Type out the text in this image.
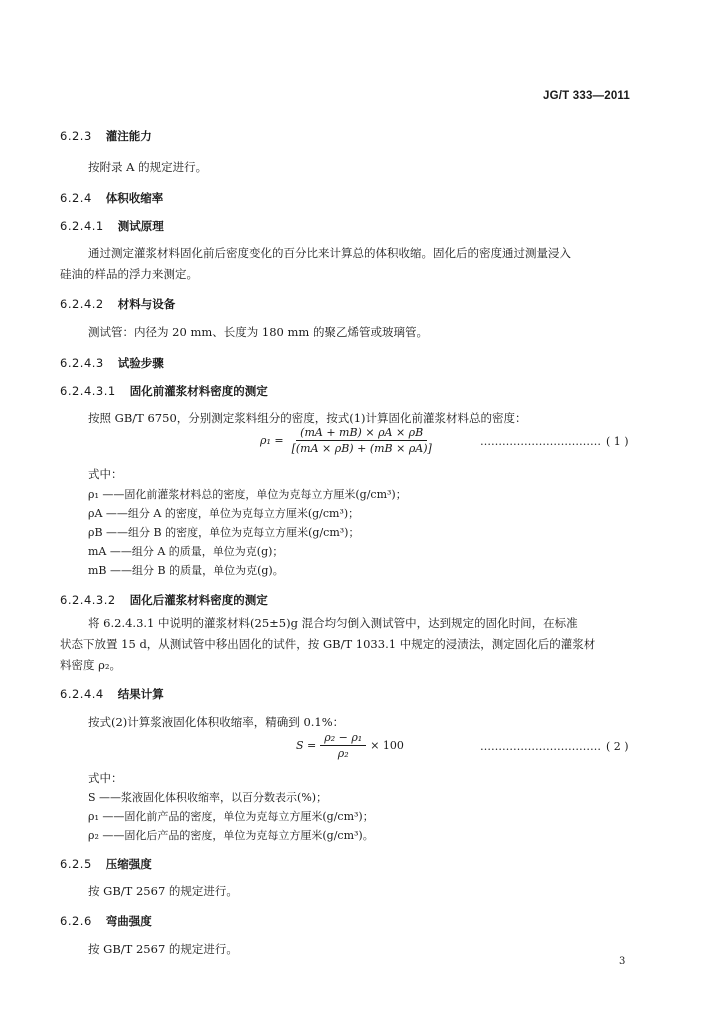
JG/T 333—2011
6.2.3 灌注能力
按附录 A 的规定进行。
6.2.4 体积收缩率
6.2.4.1 测试原理
通过测定灌浆材料固化前后密度变化的百分比来计算总的体积收缩。固化后的密度通过测量浸入
硅油的样品的浮力来测定。
6.2.4.2 材料与设备
测试管：内径为 20 mm、长度为 180 mm 的聚乙烯管或玻璃管。
6.2.4.3 试验步骤
6.2.4.3.1 固化前灌浆材料密度的测定
按照 GB/T 6750，分别测定浆料组分的密度，按式(1)计算固化前灌浆材料总的密度：
$\rho_1 = \frac{(mA + mB) \times \rho A \times \rho B}{[(mA \times \rho B) + (mB \times \rho A)]}$	…………………………… ( 1 )
式中：
ρ₁ ——固化前灌浆材料总的密度，单位为克每立方厘米(g/cm³)；
ρA ——组分 A 的密度，单位为克每立方厘米(g/cm³)；
ρB ——组分 B 的密度，单位为克每立方厘米(g/cm³)；
mA ——组分 A 的质量，单位为克(g)；
mB ——组分 B 的质量，单位为克(g)。
6.2.4.3.2 固化后灌浆材料密度的测定
将 6.2.4.3.1 中说明的灌浆材料(25±5)g 混合均匀倒入测试管中，达到规定的固化时间，在标准
状态下放置 15 d，从测试管中移出固化的试件，按 GB/T 1033.1 中规定的浸渍法，测定固化后的灌浆材
料密度 ρ₂。
6.2.4.4 结果计算
按式(2)计算浆液固化体积收缩率，精确到 0.1%：
$S = \frac{\text{ρ₂ − ρ₁}}{\text{ρ₂}} \times 100$	…………………………… ( 2 )
式中：
S ——浆液固化体积收缩率，以百分数表示(%)；
ρ₁ ——固化前产品的密度，单位为克每立方厘米(g/cm³)；
ρ₂ ——固化后产品的密度，单位为克每立方厘米(g/cm³)。
6.2.5 压缩强度
按 GB/T 2567 的规定进行。
6.2.6 弯曲强度
按 GB/T 2567 的规定进行。
3
